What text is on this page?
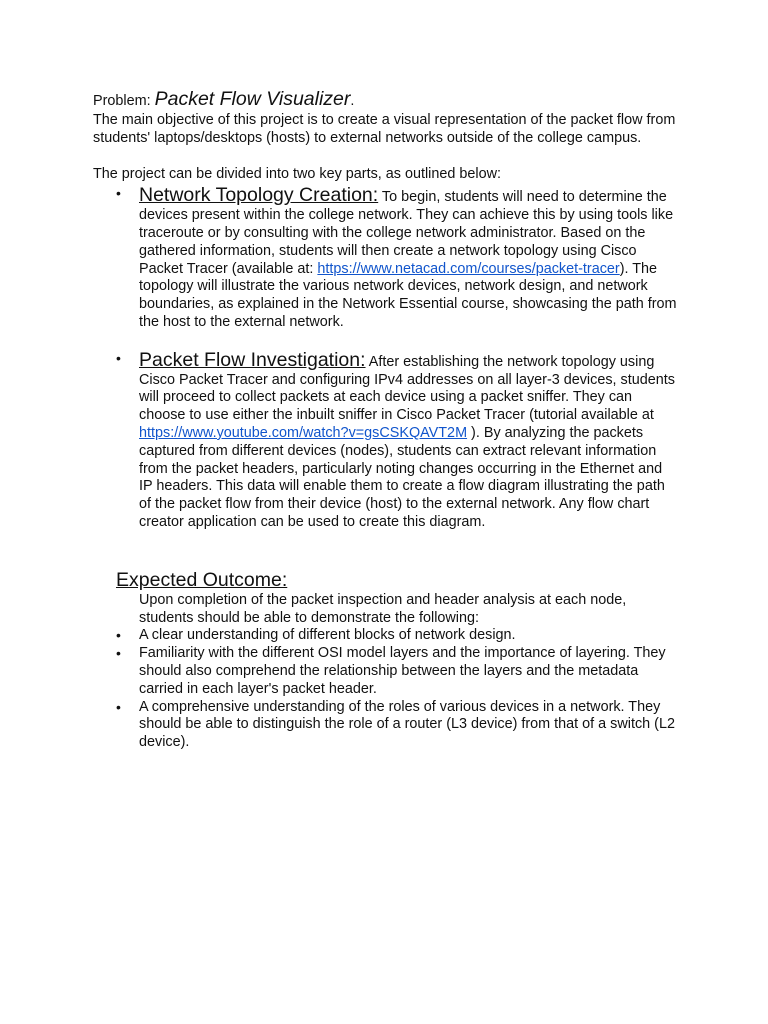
Problem: Packet Flow Visualizer.

The main objective of this project is to create a visual representation of the packet flow from students' laptops/desktops (hosts) to external networks outside of the college campus.

The project can be divided into two key parts, as outlined below:

• Network Topology Creation: To begin, students will need to determine the devices present within the college network. They can achieve this by using tools like traceroute or by consulting with the college network administrator. Based on the gathered information, students will then create a network topology using Cisco Packet Tracer (available at: https://www.netacad.com/courses/packet-tracer). The topology will illustrate the various network devices, network design, and network boundaries, as explained in the Network Essential course, showcasing the path from the host to the external network.
• Packet Flow Investigation: After establishing the network topology using Cisco Packet Tracer and configuring IPv4 addresses on all layer-3 devices, students will proceed to collect packets at each device using a packet sniffer. They can choose to use either the inbuilt sniffer in Cisco Packet Tracer (tutorial available at https://www.youtube.com/watch?v=gsCSKQAVT2M ). By analyzing the packets captured from different devices (nodes), students can extract relevant information from the packet headers, particularly noting changes occurring in the Ethernet and IP headers. This data will enable them to create a flow diagram illustrating the path of the packet flow from their device (host) to the external network. Any flow chart creator application can be used to create this diagram.
Expected Outcome:

Upon completion of the packet inspection and header analysis at each node, students should be able to demonstrate the following:

• A clear understanding of different blocks of network design.
• Familiarity with the different OSI model layers and the importance of layering. They should also comprehend the relationship between the layers and the metadata carried in each layer's packet header.
• A comprehensive understanding of the roles of various devices in a network. They should be able to distinguish the role of a router (L3 device) from that of a switch (L2 device).
